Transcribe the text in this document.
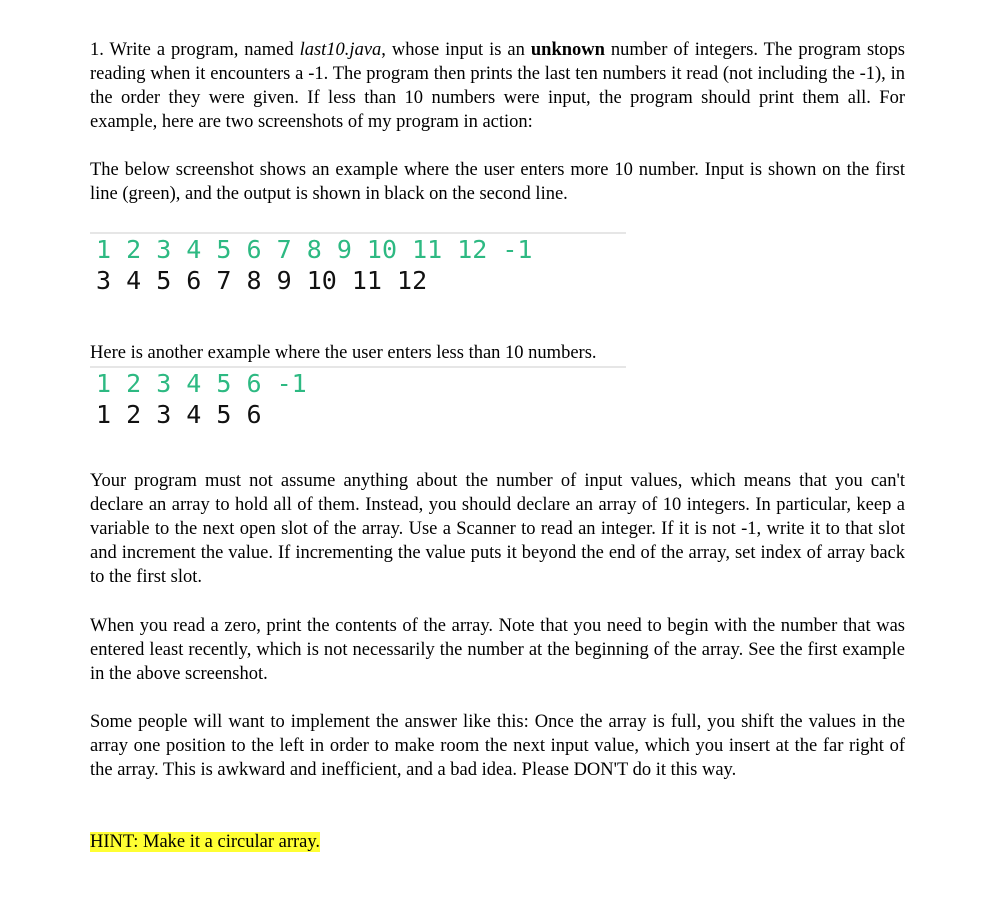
1. Write a program, named last10.java, whose input is an unknown number of integers. The program stops reading when it encounters a -1. The program then prints the last ten numbers it read (not including the -1), in the order they were given. If less than 10 numbers were input, the program should print them all. For example, here are two screenshots of my program in action:

The below screenshot shows an example where the user enters more 10 number. Input is shown on the first line (green), and the output is shown in black on the second line.

1 2 3 4 5 6 7 8 9 10 11 12 -1
3 4 5 6 7 8 9 10 11 12

Here is another example where the user enters less than 10 numbers.

1 2 3 4 5 6 -1
1 2 3 4 5 6

Your program must not assume anything about the number of input values, which means that you can't declare an array to hold all of them. Instead, you should declare an array of 10 integers. In particular, keep a variable to the next open slot of the array. Use a Scanner to read an integer. If it is not -1, write it to that slot and increment the value. If incrementing the value puts it beyond the end of the array, set index of array back to the first slot.

When you read a zero, print the contents of the array. Note that you need to begin with the number that was entered least recently, which is not necessarily the number at the beginning of the array. See the first example in the above screenshot.

Some people will want to implement the answer like this: Once the array is full, you shift the values in the array one position to the left in order to make room the next input value, which you insert at the far right of the array. This is awkward and inefficient, and a bad idea. Please DON'T do it this way.

HINT: Make it a circular array.
